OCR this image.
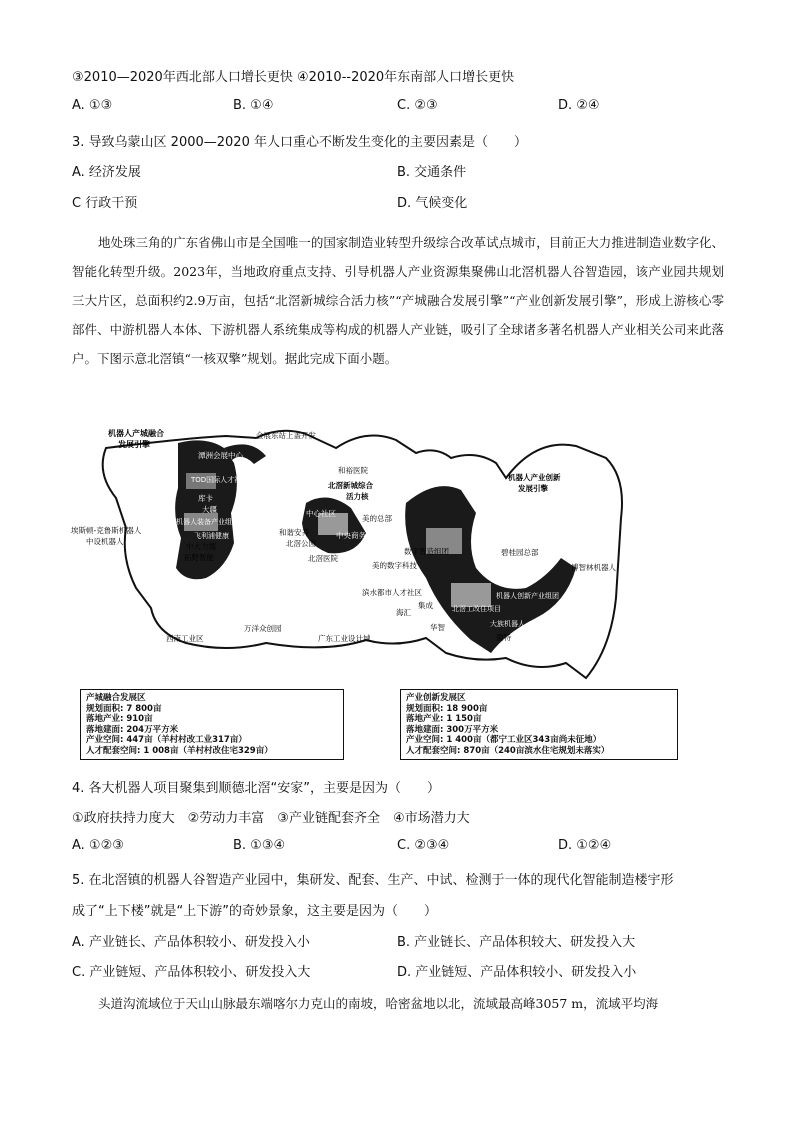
③2010—2020年西北部人口增长更快 ④2010--2020年东南部人口增长更快
A. ①③	B. ①④	C. ②③	D. ②④
3. 导致乌蒙山区 2000—2020 年人口重心不断发生变化的主要因素是（　　）
A. 经济发展	B. 交通条件
C 行政干预	D. 气候变化

地处珠三角的广东省佛山市是全国唯一的国家制造业转型升级综合改革试点城市，目前正大力推进制造业数字化、智能化转型升级。2023年，当地政府重点支持、引导机器人产业资源集聚佛山北滘机器人谷智造园，该产业园共规划三大片区，总面积约2.9万亩，包括“北滘新城综合活力核”“产城融合发展引擎”“产业创新发展引擎”，形成上游核心零部件、中游机器人本体、下游机器人系统集成等构成的机器人产业链，吸引了全球诸多著名机器人产业相关公司来此落户。下图示意北滘镇“一核双擎”规划。据此完成下面小题。

机器人产城融合
发展引擎
潭洲会展中心
会展东站上盖开发
TOD国际人才社区组团
库卡
大疆
机器人装备产业组团
埃斯顿-克鲁斯机器人
中设机器人
飞利浦健康
中大力德
拓野智能
和裕医院
北滘新城综合
活力核
中心社区
美的总部
和谐安养
北滘公园
中央商务区
北滘医院
美的数字科技
机器人产业创新
发展引擎
数字智造组团	碧桂园总部
博智林机器人
滨水都市人才社区	机器人创新产业组团
海汇
集成	北滘工改住项目
华智	大族机器人
盈特
西南工业区
万洋众创园
广东工业设计城
产城融合发展区
规划面积: 7 800亩
落地产业: 910亩
落地建面: 204万平方米
产业空间: 447亩（羊村村改工业317亩）
人才配套空间: 1 008亩（羊村村改住宅329亩）
产业创新发展区
规划面积: 18 900亩
落地产业: 1 150亩
落地建面: 300万平方米
产业空间: 1 400亩（都宁工业区343亩尚未征地）
人才配套空间: 870亩（240亩滨水住宅规划未落实）
4. 各大机器人项目聚集到顺德北滘“安家”，主要是因为（　　）
①政府扶持力度大　②劳动力丰富　③产业链配套齐全　④市场潜力大
A. ①②③	B. ①③④	C. ②③④	D. ①②④
5. 在北滘镇的机器人谷智造产业园中，集研发、配套、生产、中试、检测于一体的现代化智能制造楼宇形
成了“上下楼”就是“上下游”的奇妙景象，这主要是因为（　　）
A. 产业链长、产品体积较小、研发投入小	B. 产业链长、产品体积较大、研发投入大
C. 产业链短、产品体积较小、研发投入大	D. 产业链短、产品体积较小、研发投入小
头道沟流域位于天山山脉最东端喀尔力克山的南坡，哈密盆地以北，流域最高峰3057 m，流域平均海
